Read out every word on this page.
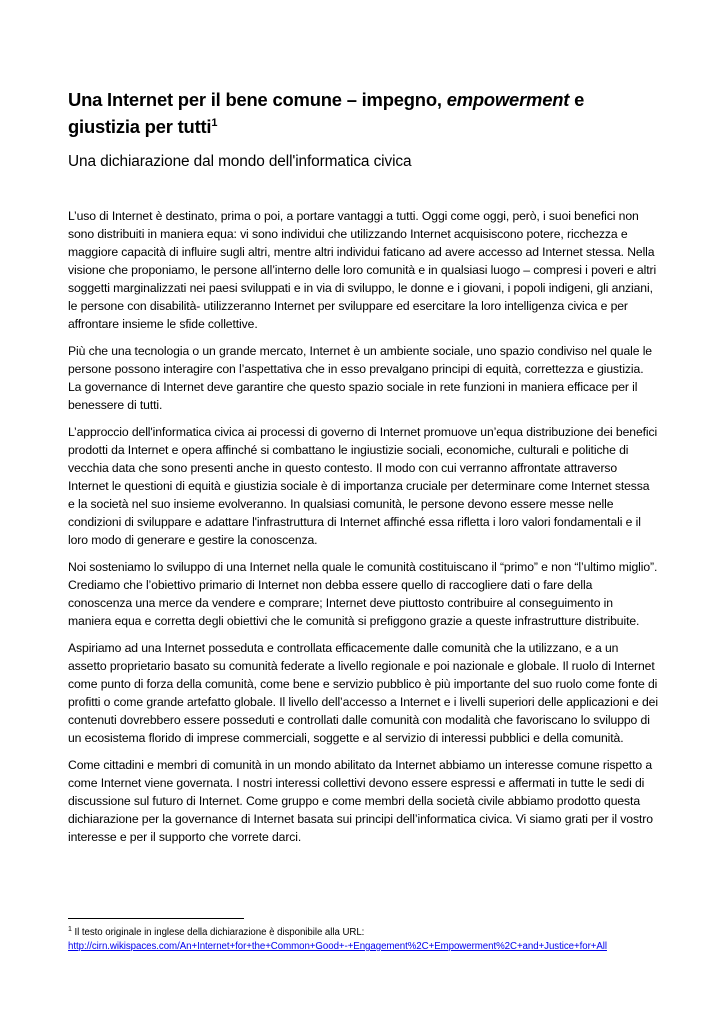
Una Internet per il bene comune – impegno, empowerment e giustizia per tutti$^1$
Una dichiarazione dal mondo dell'informatica civica

L’uso di Internet è destinato, prima o poi, a portare vantaggi a tutti. Oggi come oggi, però, i suoi benefici non sono distribuiti in maniera equa: vi sono individui che utilizzando Internet acquisiscono potere, ricchezza e maggiore capacità di influire sugli altri, mentre altri individui faticano ad avere accesso ad Internet stessa. Nella visione che proponiamo, le persone all’interno delle loro comunità e in qualsiasi luogo – compresi i poveri e altri soggetti marginalizzati nei paesi sviluppati e in via di sviluppo, le donne e i giovani, i popoli indigeni, gli anziani, le persone con disabilità- utilizzeranno Internet per sviluppare ed esercitare la loro intelligenza civica e per affrontare insieme le sfide collettive.

Più che una tecnologia o un grande mercato, Internet è un ambiente sociale, uno spazio condiviso nel quale le persone possono interagire con l’aspettativa che in esso prevalgano principi di equità, correttezza e giustizia. La governance di Internet deve garantire che questo spazio sociale in rete funzioni in maniera efficace per il benessere di tutti.

L’approccio dell'informatica civica ai processi di governo di Internet promuove un’equa distribuzione dei benefici prodotti da Internet e opera affinché si combattano le ingiustizie sociali, economiche, culturali e politiche di vecchia data che sono presenti anche in questo contesto. Il modo con cui verranno affrontate attraverso Internet le questioni di equità e giustizia sociale è di importanza cruciale per determinare come Internet stessa e la società nel suo insieme evolveranno. In qualsiasi comunità, le persone devono essere messe nelle condizioni di sviluppare e adattare l'infrastruttura di Internet affinché essa rifletta i loro valori fondamentali e il loro modo di generare e gestire la conoscenza.

Noi sosteniamo lo sviluppo di una Internet nella quale le comunità costituiscano il “primo” e non “l’ultimo miglio”. Crediamo che l’obiettivo primario di Internet non debba essere quello di raccogliere dati o fare della conoscenza una merce da vendere e comprare; Internet deve piuttosto contribuire al conseguimento in maniera equa e corretta degli obiettivi che le comunità si prefiggono grazie a queste infrastrutture distribuite.

Aspiriamo ad una Internet posseduta e controllata efficacemente dalle comunità che la utilizzano, e a un assetto proprietario basato su comunità federate a livello regionale e poi nazionale e globale. Il ruolo di Internet come punto di forza della comunità, come bene e servizio pubblico è più importante del suo ruolo come fonte di profitti o come grande artefatto globale. Il livello dell’accesso a Internet e i livelli superiori delle applicazioni e dei contenuti dovrebbero essere posseduti e controllati dalle comunità con modalità che favoriscano lo sviluppo di un ecosistema florido di imprese commerciali, soggette e al servizio di interessi pubblici e della comunità.

Come cittadini e membri di comunità in un mondo abilitato da Internet abbiamo un interesse comune rispetto a come Internet viene governata. I nostri interessi collettivi devono essere espressi e affermati in tutte le sedi di discussione sul futuro di Internet. Come gruppo e come membri della società civile abbiamo prodotto questa dichiarazione per la governance di Internet basata sui principi dell’informatica civica. Vi siamo grati per il vostro interesse e per il supporto che vorrete darci.

$^1$ Il testo originale in inglese della dichiarazione è disponibile alla URL:
http://cirn.wikispaces.com/An+Internet+for+the+Common+Good+-+Engagement%2C+Empowerment%2C+and+Justice+for+All
